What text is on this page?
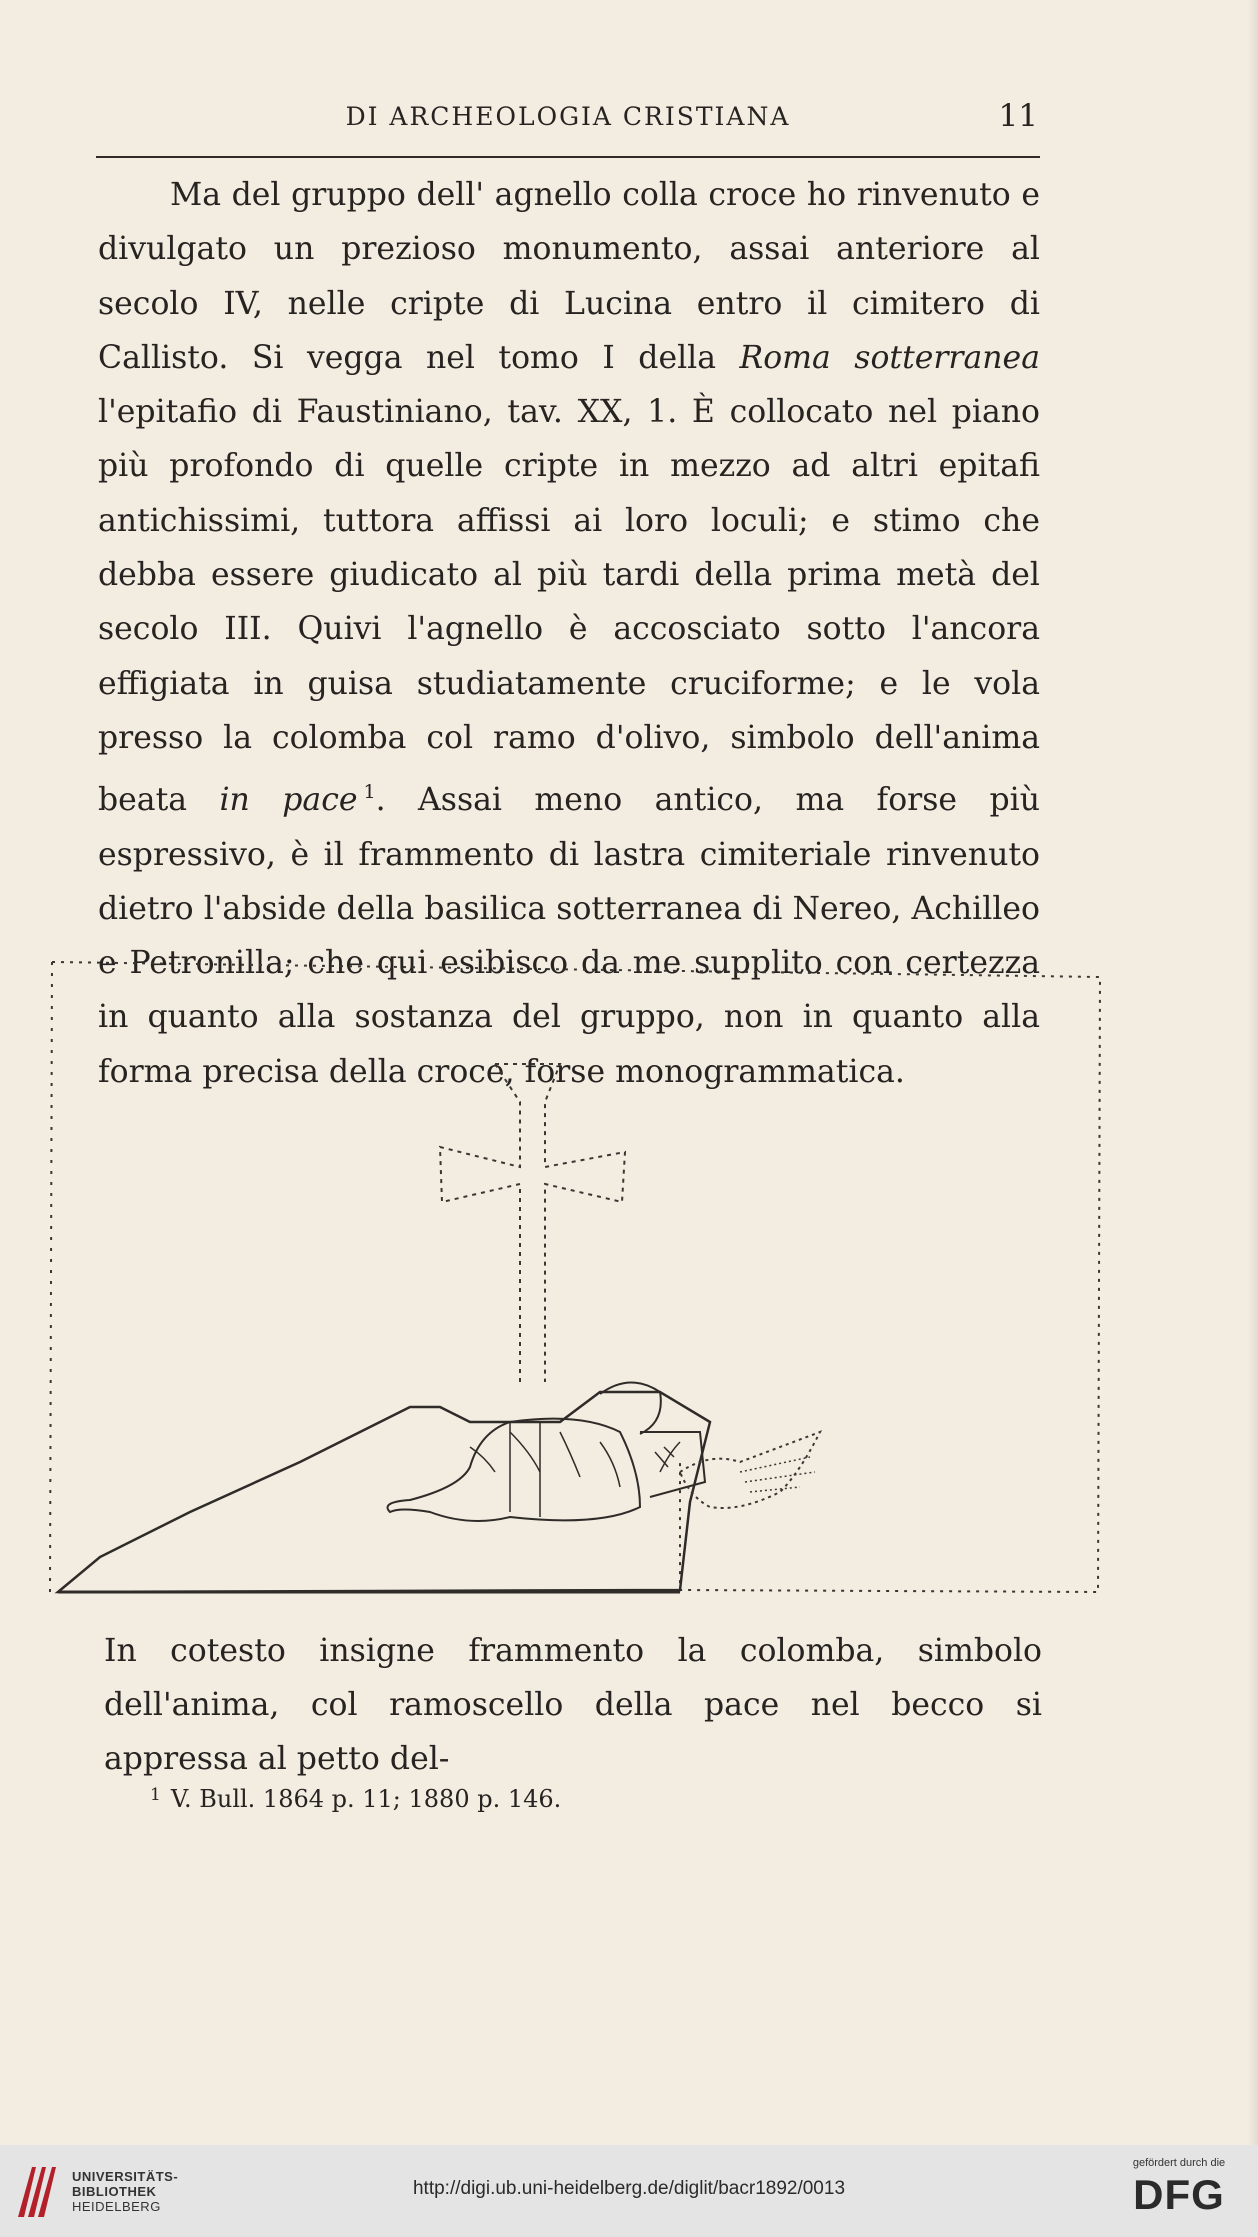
DI ARCHEOLOGIA CRISTIANA	11

Ma del gruppo dell' agnello colla croce ho rinvenuto e divulgato un prezioso monumento, assai anteriore al secolo IV, nelle cripte di Lucina entro il cimitero di Callisto. Si vegga nel tomo I della Roma sotterranea l'epitafio di Faustiniano, tav. XX, 1. È collocato nel piano più profondo di quelle cripte in mezzo ad altri epitafi antichissimi, tuttora affissi ai loro loculi; e stimo che debba essere giudicato al più tardi della prima metà del secolo III. Quivi l'agnello è accosciato sotto l'ancora effigiata in guisa studiatamente cruciforme; e le vola presso la colomba col ramo d'olivo, simbolo dell'anima beata in pace $^1$. Assai meno antico, ma forse più espressivo, è il frammento di lastra cimiteriale rinvenuto dietro l'abside della basilica sotterranea di Nereo, Achilleo e Petronilla; che qui esibisco da me supplito con certezza in quanto alla sostanza del gruppo, non in quanto alla forma precisa della croce, forse monogrammatica.

In cotesto insigne frammento la colomba, simbolo dell'anima, col ramoscello della pace nel becco si appressa al petto del-

$^1$ V. Bull. 1864 p. 11; 1880 p. 146.

UNIVERSITÄTS-
BIBLIOTHEK
HEIDELBERG
http://digi.ub.uni-heidelberg.de/diglit/bacr1892/0013
gefördert durch die
DFG
